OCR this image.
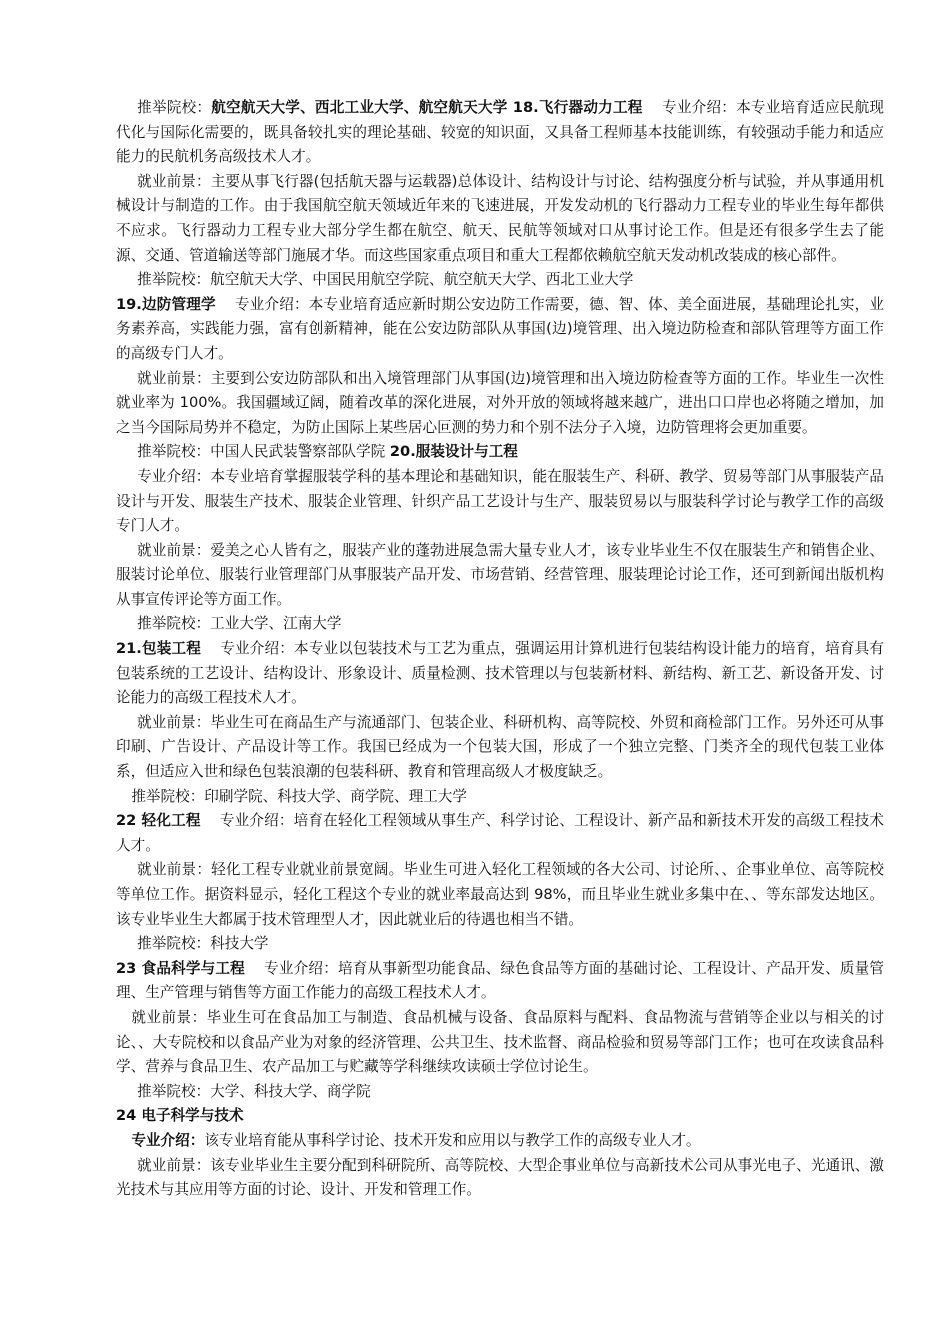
推举院校：航空航天大学、西北工业大学、航空航天大学 18.飞行器动力工程    专业介绍：本专业培育适应民航现代化与国际化需要的，既具备较扎实的理论基础、较宽的知识面，又具备工程师基本技能训练，有较强动手能力和适应能力的民航机务高级技术人才。

就业前景：主要从事飞行器(包括航天器与运载器)总体设计、结构设计与讨论、结构强度分析与试验，并从事通用机械设计与制造的工作。由于我国航空航天领域近年来的飞速进展，开发发动机的飞行器动力工程专业的毕业生每年都供不应求。飞行器动力工程专业大部分学生都在航空、航天、民航等领域对口从事讨论工作。但是还有很多学生去了能源、交通、管道输送等部门施展才华。而这些国家重点项目和重大工程都依赖航空航天发动机改装成的核心部件。

推举院校：航空航天大学、中国民用航空学院、航空航天大学、西北工业大学

19.边防管理学    专业介绍：本专业培育适应新时期公安边防工作需要，德、智、体、美全面进展，基础理论扎实，业务素养高，实践能力强，富有创新精神，能在公安边防部队从事国(边)境管理、出入境边防检查和部队管理等方面工作的高级专门人才。

就业前景：主要到公安边防部队和出入境管理部门从事国(边)境管理和出入境边防检查等方面的工作。毕业生一次性就业率为 100%。我国疆域辽阔，随着改革的深化进展，对外开放的领域将越来越广，进出口口岸也必将随之增加，加之当今国际局势并不稳定，为防止国际上某些居心叵测的势力和个别不法分子入境，边防管理将会更加重要。

推举院校：中国人民武装警察部队学院 20.服装设计与工程

专业介绍：本专业培育掌握服装学科的基本理论和基础知识，能在服装生产、科研、教学、贸易等部门从事服装产品设计与开发、服装生产技术、服装企业管理、针织产品工艺设计与生产、服装贸易以与服装科学讨论与教学工作的高级专门人才。

就业前景：爱美之心人皆有之，服装产业的蓬勃进展急需大量专业人才，该专业毕业生不仅在服装生产和销售企业、服装讨论单位、服装行业管理部门从事服装产品开发、市场营销、经营管理、服装理论讨论工作，还可到新闻出版机构从事宣传评论等方面工作。

推举院校：工业大学、江南大学

21.包装工程    专业介绍：本专业以包装技术与工艺为重点，强调运用计算机进行包装结构设计能力的培育，培育具有包装系统的工艺设计、结构设计、形象设计、质量检测、技术管理以与包装新材料、新结构、新工艺、新设备开发、讨论能力的高级工程技术人才。

就业前景：毕业生可在商品生产与流通部门、包装企业、科研机构、高等院校、外贸和商检部门工作。另外还可从事印刷、广告设计、产品设计等工作。我国已经成为一个包装大国，形成了一个独立完整、门类齐全的现代包装工业体系，但适应入世和绿色包装浪潮的包装科研、教育和管理高级人才极度缺乏。

推举院校：印刷学院、科技大学、商学院、理工大学

22 轻化工程    专业介绍：培育在轻化工程领域从事生产、科学讨论、工程设计、新产品和新技术开发的高级工程技术人才。

就业前景：轻化工程专业就业前景宽阔。毕业生可进入轻化工程领域的各大公司、讨论所、、企事业单位、高等院校等单位工作。据资料显示，轻化工程这个专业的就业率最高达到 98%，而且毕业生就业多集中在、、等东部发达地区。该专业毕业生大都属于技术管理型人才，因此就业后的待遇也相当不错。

推举院校：科技大学

23 食品科学与工程    专业介绍：培育从事新型功能食品、绿色食品等方面的基础讨论、工程设计、产品开发、质量管理、生产管理与销售等方面工作能力的高级工程技术人才。

就业前景：毕业生可在食品加工与制造、食品机械与设备、食品原料与配料、食品物流与营销等企业以与相关的讨论、、大专院校和以食品产业为对象的经济管理、公共卫生、技术监督、商品检验和贸易等部门工作；也可在攻读食品科学、营养与食品卫生、农产品加工与贮藏等学科继续攻读硕士学位讨论生。

推举院校：大学、科技大学、商学院

24 电子科学与技术

专业介绍：该专业培育能从事科学讨论、技术开发和应用以与教学工作的高级专业人才。

就业前景：该专业毕业生主要分配到科研院所、高等院校、大型企事业单位与高新技术公司从事光电子、光通讯、激光技术与其应用等方面的讨论、设计、开发和管理工作。
